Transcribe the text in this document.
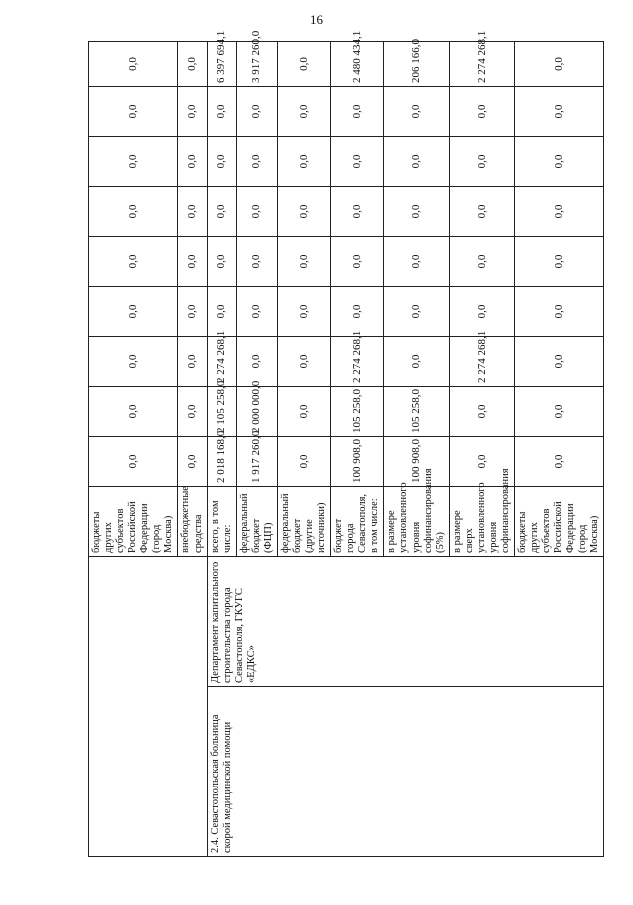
16
		бюджеты других субъектов Российской Федерации (город Москва)	0,0	0,0	0,0	0,0	0,0	0,0	0,0	0,0	0,0
		внебюджетные средства	0,0	0,0	0,0	0,0	0,0	0,0	0,0	0,0	0,0
2.4. Севастопольская больница скорой медицинской помощи	Департамент капитального строительства города Севастополя, ГКУГС «ЕДКС»	всего, в том числе:	2 018 168,0	2 105 258,0	2 274 268,1	0,0	0,0	0,0	0,0	0,0	6 397 694,1
		федеральный бюджет (ФЦП)	1 917 260,0	2 000 000,0	0,0	0,0	0,0	0,0	0,0	0,0	3 917 260,0
		федеральный бюджет (другие источники)	0,0	0,0	0,0	0,0	0,0	0,0	0,0	0,0	0,0
		бюджет города Севастополя, в том числе:	100 908,0	105 258,0	2 274 268,1	0,0	0,0	0,0	0,0	0,0	2 480 434,1
		в размере установленного уровня софинансирования (5%)	100 908,0	105 258,0	0,0	0,0	0,0	0,0	0,0	0,0	206 166,0
		в размере сверх установленного уровня софинансирования	0,0	0,0	2 274 268,1	0,0	0,0	0,0	0,0	0,0	2 274 268,1
		бюджеты других субъектов Российской Федерации (город Москва)	0,0	0,0	0,0	0,0	0,0	0,0	0,0	0,0	0,0
